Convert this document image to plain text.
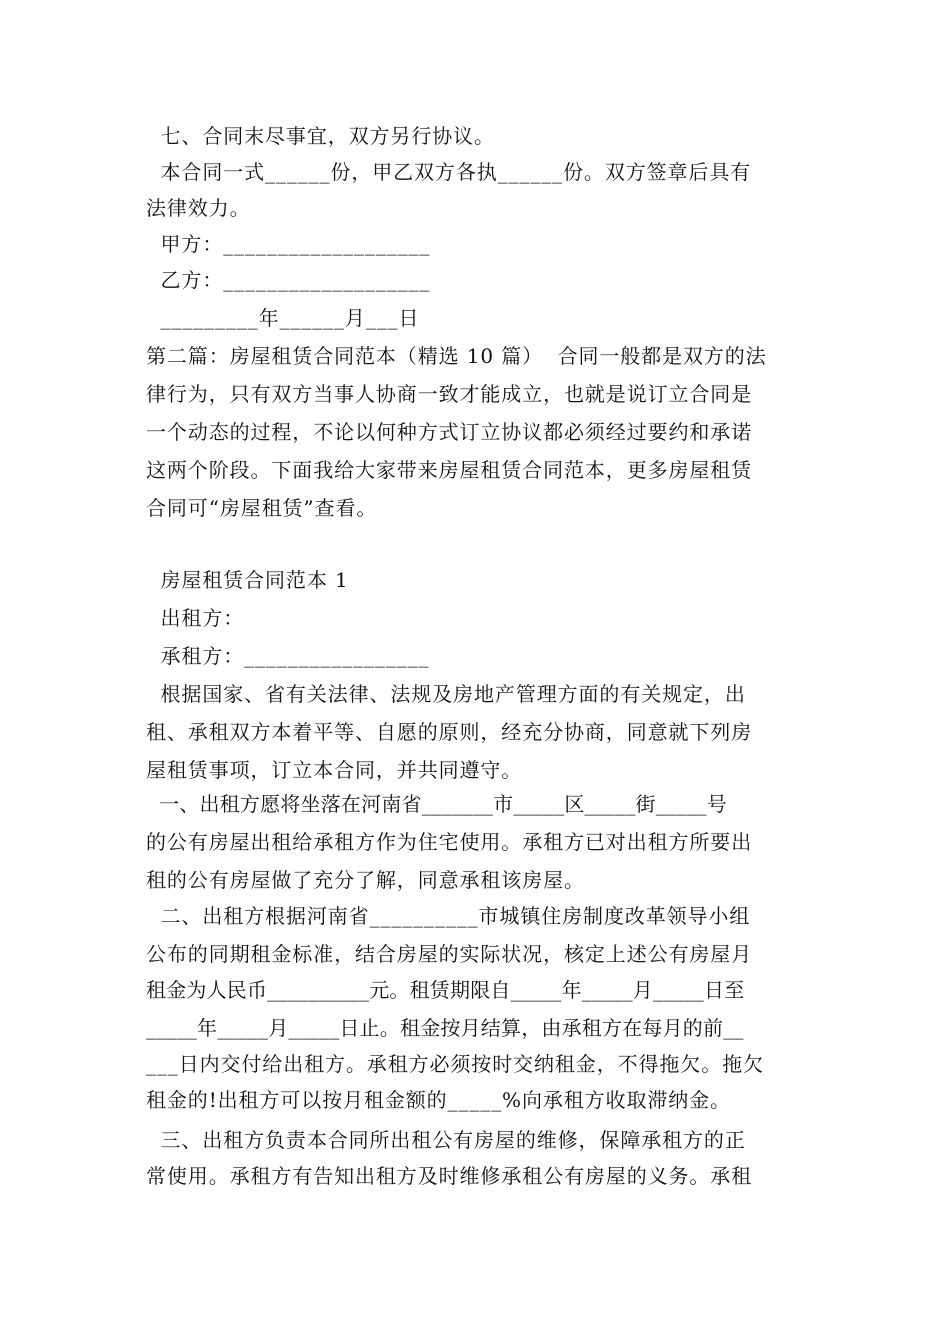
七、合同末尽事宜，双方另行协议。
本合同一式______份，甲乙双方各执______份。双方签章后具有
法律效力。
甲方：___________________
乙方：___________________
_________年______月___日
第二篇：房屋租赁合同范本（精选 10 篇）  合同一般都是双方的法
律行为，只有双方当事人协商一致才能成立，也就是说订立合同是
一个动态的过程，不论以何种方式订立协议都必须经过要约和承诺
这两个阶段。下面我给大家带来房屋租赁合同范本，更多房屋租赁
合同可“房屋租赁”查看。
房屋租赁合同范本 1
出租方：
承租方：_________________
根据国家、省有关法律、法规及房地产管理方面的有关规定，出
租、承租双方本着平等、自愿的原则，经充分协商，同意就下列房
屋租赁事项，订立本合同，并共同遵守。
一、出租方愿将坐落在河南省_______市_____区_____街_____号
的公有房屋出租给承租方作为住宅使用。承租方已对出租方所要出
租的公有房屋做了充分了解，同意承租该房屋。
二、出租方根据河南省__________市城镇住房制度改革领导小组
公布的同期租金标准，结合房屋的实际状况，核定上述公有房屋月
租金为人民币__________元。租赁期限自_____年_____月_____日至
_____年_____月_____日止。租金按月结算，由承租方在每月的前__
___日内交付给出租方。承租方必须按时交纳租金，不得拖欠。拖欠
租金的!出租方可以按月租金额的_____%向承租方收取滞纳金。
三、出租方负责本合同所出租公有房屋的维修，保障承租方的正
常使用。承租方有告知出租方及时维修承租公有房屋的义务。承租
